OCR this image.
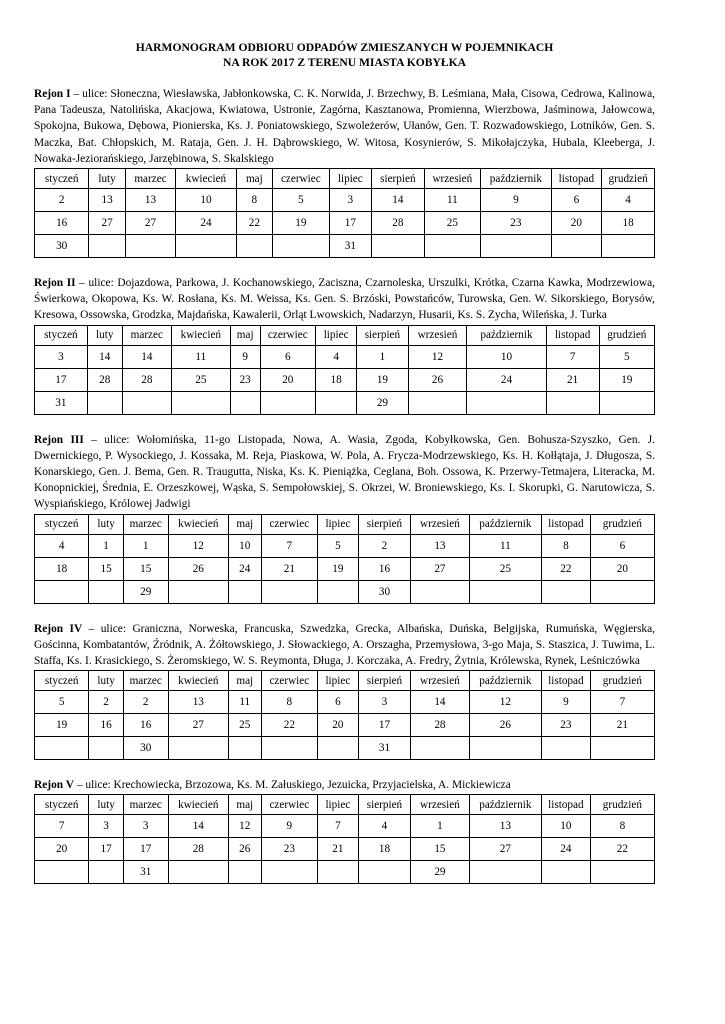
HARMONOGRAM ODBIORU ODPADÓW ZMIESZANYCH W POJEMNIKACH
NA ROK 2017 Z TERENU MIASTA KOBYŁKA

Rejon I – ulice: Słoneczna, Wiesławska, Jabłonkowska, C. K. Norwida, J. Brzechwy, B. Leśmiana, Mała, Cisowa, Cedrowa, Kalinowa, Pana Tadeusza, Natolińska, Akacjowa, Kwiatowa, Ustronie, Zagórna, Kasztanowa, Promienna, Wierzbowa, Jaśminowa, Jałowcowa, Spokojna, Bukowa, Dębowa, Pionierska, Ks. J. Poniatowskiego, Szwoleżerów, Ułanów, Gen. T. Rozwadowskiego, Lotników, Gen. S. Maczka, Bat. Chłopskich, M. Rataja, Gen. J. H. Dąbrowskiego, W. Witosa, Kosynierów, S. Mikołajczyka, Hubala, Kleeberga, J. Nowaka-Jeziorańskiego, Jarzębinowa, S. Skalskiego

styczeń	luty	marzec	kwiecień	maj	czerwiec	lipiec	sierpień	wrzesień	październik	listopad	grudzień
2	13	13	10	8	5	3	14	11	9	6	4
16	27	27	24	22	19	17	28	25	23	20	18
30						31					

Rejon II – ulice: Dojazdowa, Parkowa, J. Kochanowskiego, Zaciszna, Czarnoleska, Urszulki, Krótka, Czarna Kawka, Modrzewiowa, Świerkowa, Okopowa, Ks. W. Rosłana, Ks. M. Weissa, Ks. Gen. S. Brzóski, Powstańców, Turowska, Gen. W. Sikorskiego, Borysów, Kresowa, Ossowska, Grodzka, Majdańska, Kawalerii, Orląt Lwowskich, Nadarzyn, Husarii, Ks. S. Zycha, Wileńska, J. Turka

styczeń	luty	marzec	kwiecień	maj	czerwiec	lipiec	sierpień	wrzesień	październik	listopad	grudzień
3	14	14	11	9	6	4	1	12	10	7	5
17	28	28	25	23	20	18	19	26	24	21	19
31							29				

Rejon III – ulice: Wołomińska, 11-go Listopada, Nowa, A. Wasia, Zgoda, Kobyłkowska, Gen. Bohusza-Szyszko, Gen. J. Dwernickiego, P. Wysockiego, J. Kossaka, M. Reja, Piaskowa, W. Pola, A. Frycza-Modrzewskiego, Ks. H. Kołłątaja, J. Długosza, S. Konarskiego, Gen. J. Bema, Gen. R. Traugutta, Niska, Ks. K. Pieniążka, Ceglana, Boh. Ossowa, K. Przerwy-Tetmajera, Literacka, M. Konopnickiej, Średnia, E. Orzeszkowej, Wąska, S. Sempołowskiej, S. Okrzei, W. Broniewskiego, Ks. I. Skorupki, G. Narutowicza, S. Wyspiańskiego, Królowej Jadwigi

styczeń	luty	marzec	kwiecień	maj	czerwiec	lipiec	sierpień	wrzesień	październik	listopad	grudzień
4	1	1	12	10	7	5	2	13	11	8	6
18	15	15	26	24	21	19	16	27	25	22	20
		29					30				

Rejon IV – ulice: Graniczna, Norweska, Francuska, Szwedzka, Grecka, Albańska, Duńska, Belgijska, Rumuńska, Węgierska, Gościnna, Kombatantów, Źródnik, A. Żółtowskiego, J. Słowackiego, A. Orszagha, Przemysłowa, 3-go Maja, S. Staszica, J. Tuwima, L. Staffa, Ks. I. Krasickiego, S. Żeromskiego, W. S. Reymonta, Długa, J. Korczaka, A. Fredry, Żytnia, Królewska, Rynek, Leśniczówka

styczeń	luty	marzec	kwiecień	maj	czerwiec	lipiec	sierpień	wrzesień	październik	listopad	grudzień
5	2	2	13	11	8	6	3	14	12	9	7
19	16	16	27	25	22	20	17	28	26	23	21
		30					31				

Rejon V – ulice: Krechowiecka, Brzozowa, Ks. M. Załuskiego, Jezuicka, Przyjacielska, A. Mickiewicza

styczeń	luty	marzec	kwiecień	maj	czerwiec	lipiec	sierpień	wrzesień	październik	listopad	grudzień
7	3	3	14	12	9	7	4	1	13	10	8
20	17	17	28	26	23	21	18	15	27	24	22
		31						29			
